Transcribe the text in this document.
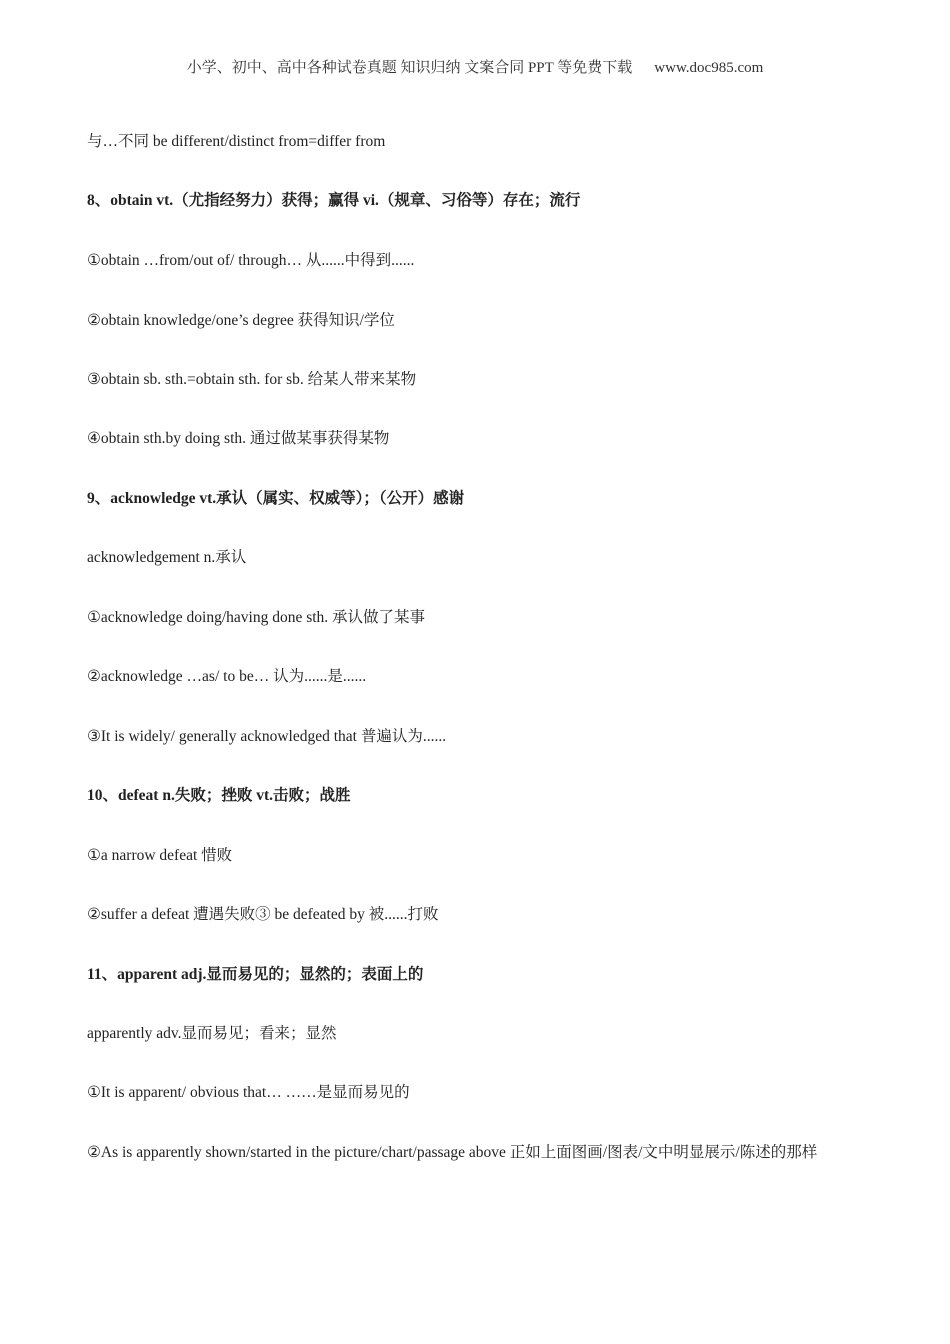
小学、初中、高中各种试卷真题 知识归纳 文案合同 PPT 等免费下载 www.doc985.com
与…不同 be different/distinct from=differ from
8、obtain vt.（尤指经努力）获得；赢得 vi.（规章、习俗等）存在；流行
①obtain …from/out of/ through… 从......中得到......
②obtain knowledge/one’s degree 获得知识/学位
③obtain sb. sth.=obtain sth. for sb. 给某人带来某物
④obtain sth.by doing sth. 通过做某事获得某物
9、acknowledge vt.承认（属实、权威等）；（公开）感谢
acknowledgement n.承认
①acknowledge doing/having done sth. 承认做了某事
②acknowledge …as/ to be… 认为......是......
③It is widely/ generally acknowledged that 普遍认为......
10、defeat n.失败；挫败 vt.击败；战胜
①a narrow defeat 惜败
②suffer a defeat 遭遇失败③ be defeated by 被......打败
11、apparent adj.显而易见的；显然的；表面上的
apparently adv.显而易见；看来；显然
①It is apparent/ obvious that… ……是显而易见的
②As is apparently shown/started in the picture/chart/passage above 正如上面图画/图表/文中明显展示/陈述的那样
